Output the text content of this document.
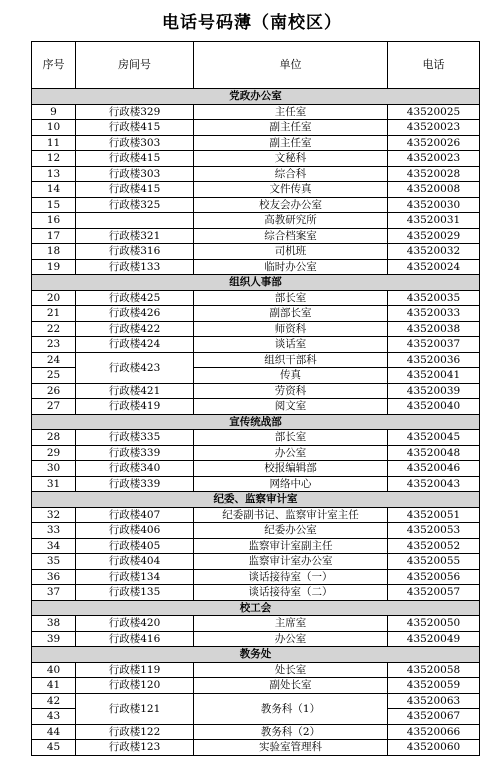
电话号码薄（南校区）
序号	房间号	单位	电话
党政办公室			
9	行政楼329	主任室	43520025
10	行政楼415	副主任室	43520023
11	行政楼303	副主任室	43520026
12	行政楼415	文秘科	43520023
13	行政楼303	综合科	43520028
14	行政楼415	文件传真	43520008
15	行政楼325	校友会办公室	43520030
16		高教研究所	43520031
17	行政楼321	综合档案室	43520029
18	行政楼316	司机班	43520032
19	行政楼133	临时办公室	43520024
组织人事部			
20	行政楼425	部长室	43520035
21	行政楼426	副部长室	43520033
22	行政楼422	师资科	43520038
23	行政楼424	谈话室	43520037
24	行政楼423	组织干部科	43520036
25		传真	43520041
26	行政楼421	劳资科	43520039
27	行政楼419	阅文室	43520040
宣传统战部			
28	行政楼335	部长室	43520045
29	行政楼339	办公室	43520048
30	行政楼340	校报编辑部	43520046
31	行政楼339	网络中心	43520043
纪委、监察审计室			
32	行政楼407	纪委副书记、监察审计室主任	43520051
33	行政楼406	纪委办公室	43520053
34	行政楼405	监察审计室副主任	43520052
35	行政楼404	监察审计室办公室	43520055
36	行政楼134	谈话接待室（一）	43520056
37	行政楼135	谈话接待室（二）	43520057
校工会			
38	行政楼420	主席室	43520050
39	行政楼416	办公室	43520049
教务处			
40	行政楼119	处长室	43520058
41	行政楼120	副处长室	43520059
42	行政楼121	教务科（1）	43520063
43			43520067
44	行政楼122	教务科（2）	43520066
45	行政楼123	实验室管理科	43520060
